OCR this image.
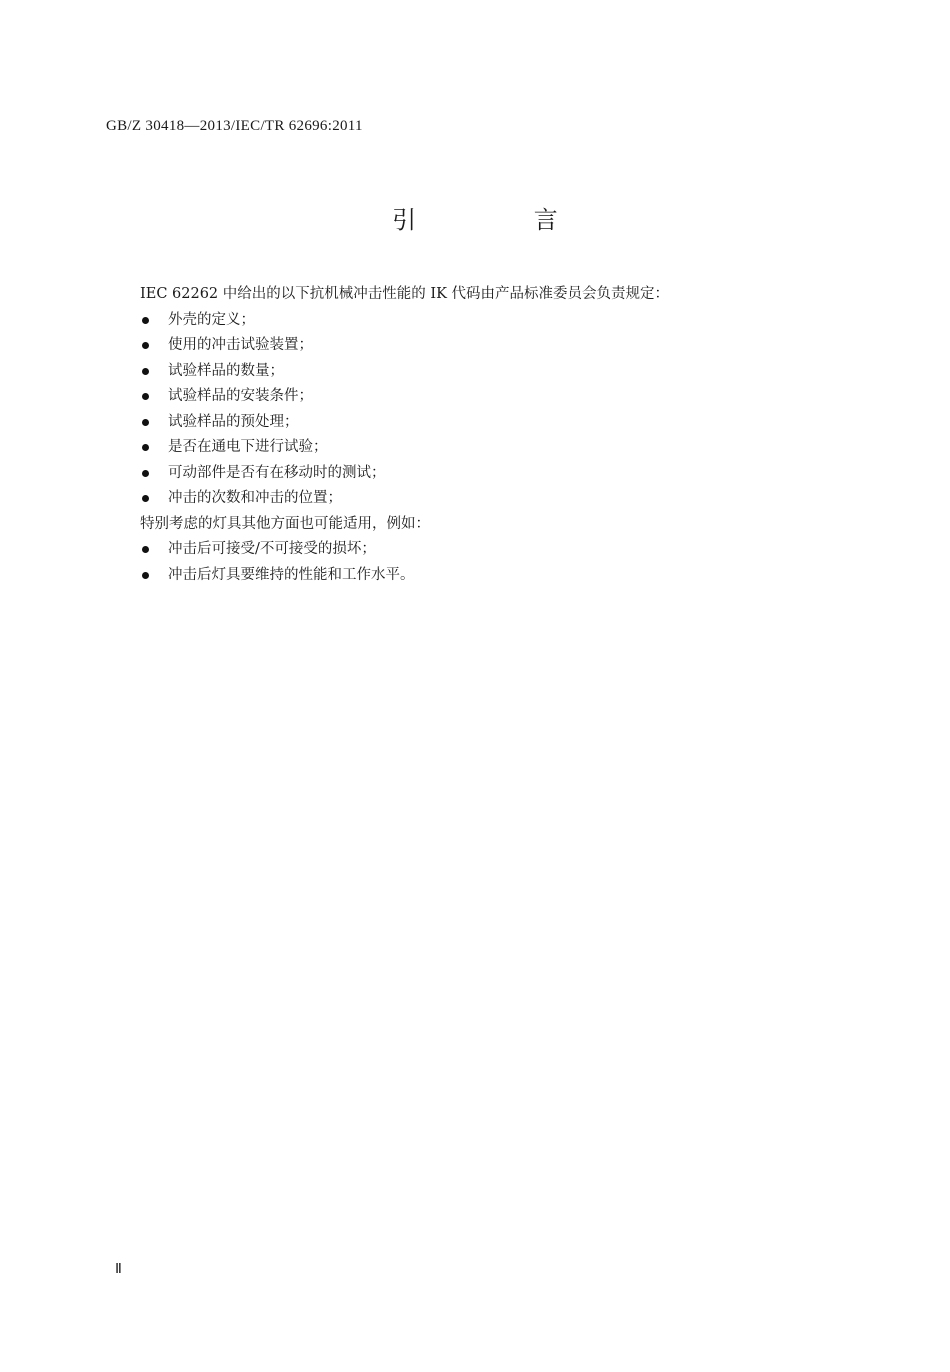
GB/Z 30418—2013/IEC/TR 62696:2011
引 言

IEC 62262 中给出的以下抗机械冲击性能的 IK 代码由产品标准委员会负责规定：

外壳的定义；
使用的冲击试验装置；
试验样品的数量；
试验样品的安装条件；
试验样品的预处理；
是否在通电下进行试验；
可动部件是否有在移动时的测试；
冲击的次数和冲击的位置；

特别考虑的灯具其他方面也可能适用，例如：

冲击后可接受/不可接受的损坏；
冲击后灯具要维持的性能和工作水平。
Ⅱ
